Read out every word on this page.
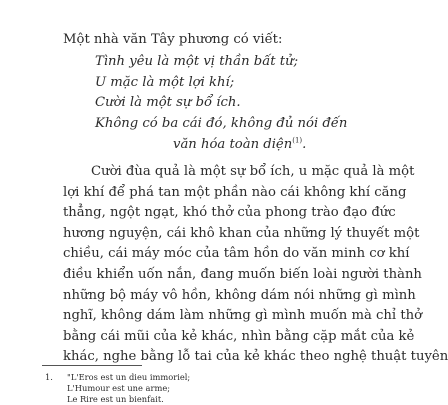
Một nhà văn Tây phương có viết:
Tình yêu là một vị thần bất tử;
U mặc là một lợi khí;
Cười là một sự bổ ích.
Không có ba cái đó, không đủ nói đến
văn hóa toàn diện$^{(1)}$.
Cười đùa quả là một sự bổ ích, u mặc quả là một
lợi khí để phá tan một phần nào cái không khí căng
thẳng, ngột ngạt, khó thở của phong trào đạo đức
hương nguyện, cái khô khan của những lý thuyết một
chiều, cái máy móc của tâm hồn do văn minh cơ khí
điều khiển uốn nắn, đang muốn biến loài người thành
những bộ máy vô hồn, không dám nói những gì mình
nghĩ, không dám làm những gì mình muốn mà chỉ thở
bằng cái mũi của kẻ khác, nhìn bằng cặp mắt của kẻ
khác, nghe bằng lỗ tai của kẻ khác theo nghệ thuật tuyên
1. "L'Eros est un dieu immoriel;
L'Humour est une arme;
Le Rire est un bienfait.
